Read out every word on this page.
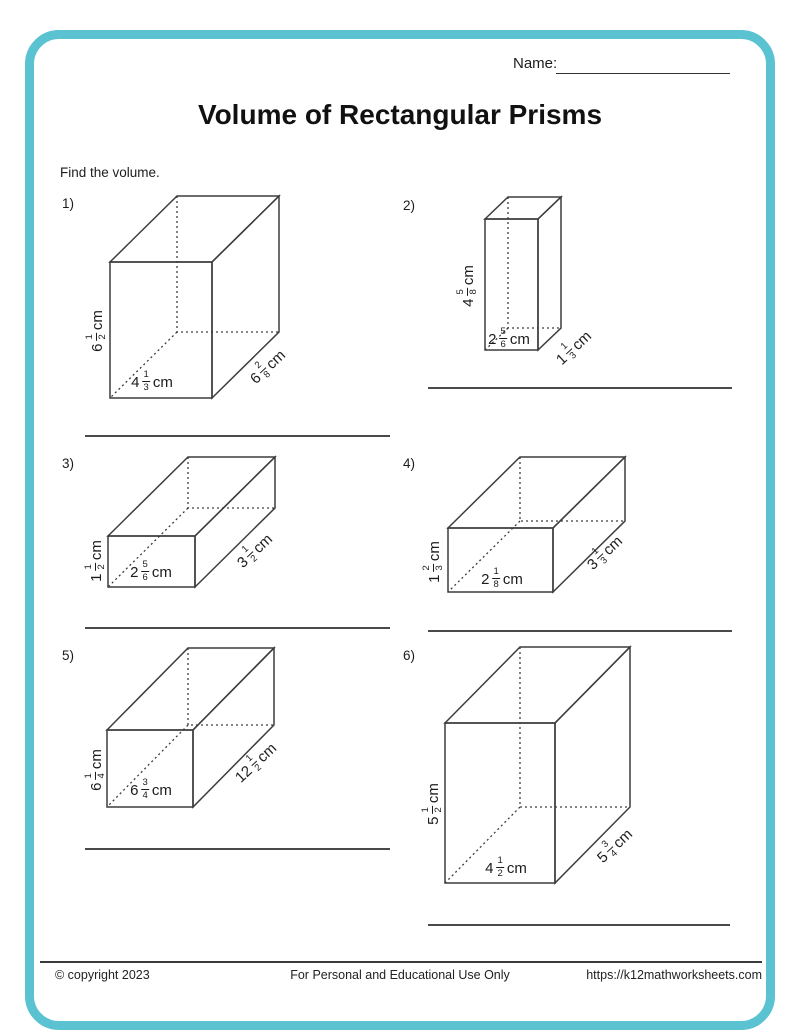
Name:
Volume of Rectangular Prisms
Find the volume.
1)	2)
3)	4)
5)	6)
6
1 2
cm
$4 \frac{1}{3}$ cm	6
2
8
cm
4
5 8
cm
$2 \frac{5}{6}$ cm
1
1
3
cm
1
1 2
cm
$2 \frac{5}{6}$ cm
3
1
2
cm
1
2 3
cm
$2 \frac{1}{8}$ cm
3
1
3
cm
6
1 4
cm
$6 \frac{3}{4}$ cm
12
1
2
cm
5
1 2
cm
$4 \frac{1}{2}$ cm
5
3
4
cm
© copyright 2023	For Personal and Educational Use Only	https://k12mathworksheets.com
